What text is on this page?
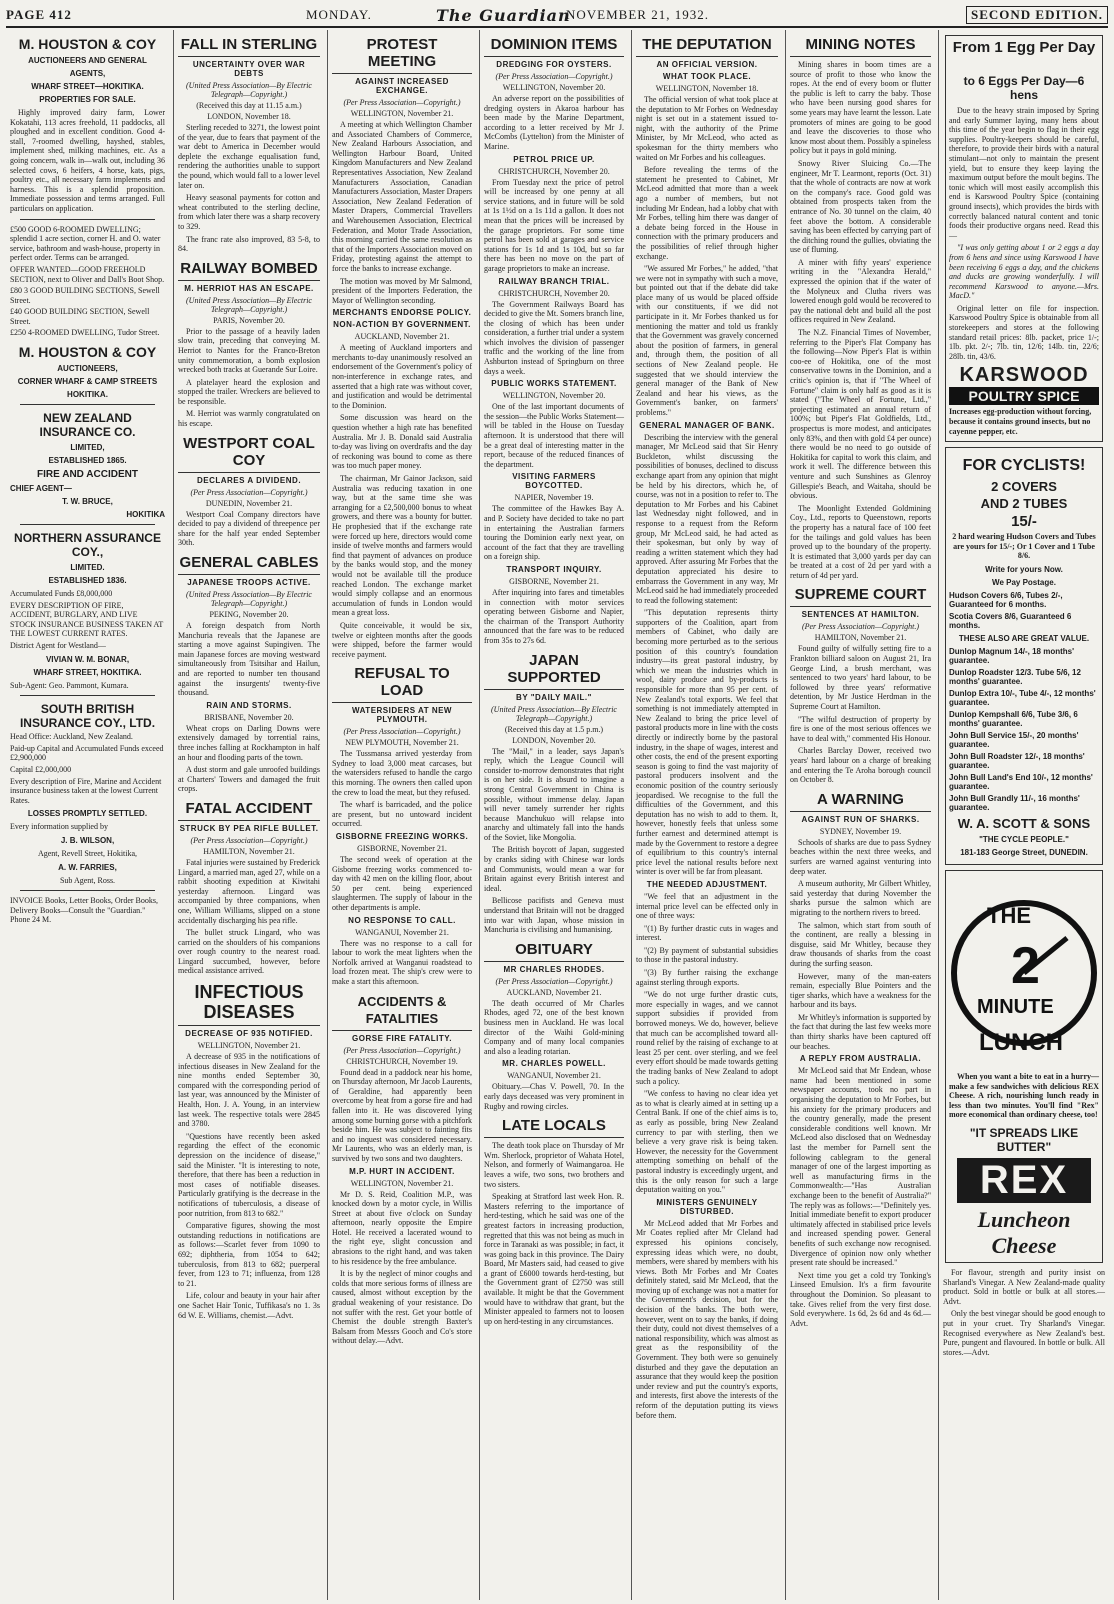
PAGE 412	MONDAY.	The Guardian
NOVEMBER 21, 1932.	SECOND EDITION.
M. HOUSTON & COY
AUCTIONEERS AND GENERAL
AGENTS,
WHARF STREET—HOKITIKA.
PROPERTIES FOR SALE.

Highly improved dairy farm, Lower Kokatahi, 113 acres freehold, 11 paddocks, all ploughed and in excellent condition. Good 4-stall, 7-roomed dwelling, hayshed, stables, implement shed, milking machines, etc. As a going concern, walk in—walk out, including 36 selected cows, 6 heifers, 4 horse, kats, pigs, poultry etc., all necessary farm implements and harness. This is a splendid proposition. Immediate possession and terms arranged. Full particulars on application.

£500 GOOD 6-ROOMED DWELLING; splendid 1 acre section, corner H. and O. water service, bathroom and wash-house, property in perfect order. Terms can be arranged.

OFFER WANTED—GOOD FREEHOLD SECTION, next to Oliver and Dall's Boot Shop.

£80 3 GOOD BUILDING SECTIONS, Sewell Street.

£40 GOOD BUILDING SECTION, Sewell Street.

£250 4-ROOMED DWELLING, Tudor Street.

M. HOUSTON & COY
AUCTIONEERS,
CORNER WHARF & CAMP STREETS
HOKITIKA.
NEW ZEALAND INSURANCE CO.
LIMITED,
ESTABLISHED 1865.
FIRE AND ACCIDENT
CHIEF AGENT—
T. W. BRUCE,
HOKITIKA
NORTHERN ASSURANCE COY.,
LIMITED.
ESTABLISHED 1836.
Accumulated Funds £8,000,000
EVERY DESCRIPTION OF FIRE, ACCIDENT, BURGLARY, AND LIVE STOCK INSURANCE BUSINESS TAKEN AT THE LOWEST CURRENT RATES.
District Agent for Westland—
VIVIAN W. M. BONAR,
WHARF STREET, HOKITIKA.
Sub-Agent: Geo. Pammont, Kumara.
SOUTH BRITISH INSURANCE COY., LTD.
Head Office: Auckland, New Zealand.
Paid-up Capital and Accumulated Funds exceed £2,900,000
Capital £2,000,000
Every description of Fire, Marine and Accident insurance business taken at the lowest Current Rates.
LOSSES PROMPTLY SETTLED.
Every information supplied by
J. B. WILSON,
Agent, Revell Street, Hokitika,
A. W. FARRIES,
Sub Agent, Ross.
INVOICE Books, Letter Books, Order Books, Delivery Books—Consult the "Guardian." Phone 24 M.
FALL IN STERLING
UNCERTAINTY OVER WAR DEBTS
(United Press Association—By Electric Telegraph—Copyright.)
(Received this day at 11.15 a.m.)
LONDON, November 18.

Sterling receded to 3271, the lowest point of the year, due to fears that payment of the war debt to America in December would deplete the exchange equalisation fund, rendering the authorities unable to support the pound, which would fall to a lower level later on.

Heavy seasonal payments for cotton and wheat contributed to the sterling decline, from which later there was a sharp recovery to 329.

The franc rate also improved, 83 5-8, to 84.

RAILWAY BOMBED
M. HERRIOT HAS AN ESCAPE.
(United Press Association—By Electric Telegraph—Copyright.)
PARIS, November 20.

Prior to the passage of a heavily laden slow train, preceding that conveying M. Herriot to Nantes for the Franco-Breton unity commemoration, a bomb explosion wrecked both tracks at Guerande Sur Loire.

A platelayer heard the explosion and stopped the trailer. Wreckers are believed to be responsible.

M. Herriot was warmly congratulated on his escape.

WESTPORT COAL COY
DECLARES A DIVIDEND.
(Per Press Association—Copyright.)
DUNEDIN, November 21.

Westport Coal Company directors have decided to pay a dividend of threepence per share for the half year ended September 30th.

GENERAL CABLES
JAPANESE TROOPS ACTIVE.
(United Press Association—By Electric Telegraph—Copyright.)
PEKING, November 20.

A foreign despatch from North Manchuria reveals that the Japanese are starting a move against Supingiven. The main Japanese forces are moving westward simultaneously from Tsitsihar and Hailun, and are reported to number ten thousand against the insurgents' twenty-five thousand.

RAIN AND STORMS.
BRISBANE, November 20.

Wheat crops on Darling Downs were extensively damaged by torrential rains, three inches falling at Rockhampton in half an hour and flooding parts of the town.

A dust storm and gale unroofed buildings at Charters' Towers and damaged the fruit crops.

FATAL ACCIDENT
STRUCK BY PEA RIFLE BULLET.
(Per Press Association—Copyright.)
HAMILTON, November 21.

Fatal injuries were sustained by Frederick Lingard, a married man, aged 27, while on a rabbit shooting expedition at Kiwitahi yesterday afternoon. Lingard was accompanied by three companions, when one, William Williams, slipped on a stone accidentally discharging his pea rifle.

The bullet struck Lingard, who was carried on the shoulders of his companions over rough country to the nearest road. Lingard succumbed, however, before medical assistance arrived.

INFECTIOUS DISEASES
DECREASE OF 935 NOTIFIED.
WELLINGTON, November 21.

A decrease of 935 in the notifications of infectious diseases in New Zealand for the nine months ended September 30, compared with the corresponding period of last year, was announced by the Minister of Health, Hon. J. A. Young, in an interview last week. The respective totals were 2845 and 3780.

"Questions have recently been asked regarding the effect of the economic depression on the incidence of disease," said the Minister. "It is interesting to note, therefore, that there has been a reduction in most cases of notifiable diseases. Particularly gratifying is the decrease in the notifications of tuberculosis, a disease of poor nutrition, from 813 to 682."

Comparative figures, showing the most outstanding reductions in notifications are as follows:—Scarlet fever from 1090 to 692; diphtheria, from 1054 to 642; tuberculosis, from 813 to 682; puerperal fever, from 123 to 71; influenza, from 128 to 21.

Life, colour and beauty in your hair after one Sachet Hair Tonic, Tuffikasa's no 1. 3s 6d W. E. Williams, chemist.—Advt.

PROTEST MEETING
AGAINST INCREASED EXCHANGE.
(Per Press Association—Copyright.)
WELLINGTON, November 21.

A meeting at which Wellington Chamber and Associated Chambers of Commerce, New Zealand Harbours Association, and Wellington Harbour Board, United Kingdom Manufacturers and New Zealand Representatives Association, New Zealand Manufacturers Association, Canadian Manufacturers Association, Master Drapers Association, New Zealand Federation of Master Drapers, Commercial Travellers and Warehousemen Association, Electrical Federation, and Motor Trade Association, this morning carried the same resolution as that of the Importers Association moved on Friday, protesting against the attempt to force the banks to increase exchange.

The motion was moved by Mr Salmond, president of the Importers Federation, the Mayor of Wellington seconding.

MERCHANTS ENDORSE POLICY.
NON-ACTION BY GOVERNMENT.
AUCKLAND, November 21.

A meeting of Auckland importers and merchants to-day unanimously resolved an endorsement of the Government's policy of non-interference in exchange rates, and asserted that a high rate was without cover, and justification and would be detrimental to the Dominion.

Some discussion was heard on the question whether a high rate has benefited Australia. Mr J. B. Donald said Australia to-day was living on overdrafts and the day of reckoning was bound to come as there was too much paper money.

The chairman, Mr Gainor Jackson, said Australia was reducing taxation in one way, but at the same time she was arranging for a £2,500,000 bonus to wheat growers, and there was a bounty for butter. He prophesied that if the exchange rate were forced up here, directors would come inside of twelve months and farmers would find that payment of advances on produce by the banks would stop, and the money would not be available till the produce reached London. The exchange market would simply collapse and an enormous accumulation of funds in London would mean a great loss.

Quite conceivable, it would be six, twelve or eighteen months after the goods were shipped, before the farmer would receive payment.

REFUSAL TO LOAD
WATERSIDERS AT NEW PLYMOUTH.
(Per Press Association—Copyright.)
NEW PLYMOUTH, November 21.

The Tussmansa arrived yesterday from Sydney to load 3,000 meat carcases, but the watersiders refused to handle the cargo this morning. The owners then called upon the crew to load the meat, but they refused.

The wharf is barricaded, and the police are present, but no untoward incident occurred.

GISBORNE FREEZING WORKS.
GISBORNE, November 21.

The second week of operation at the Gisborne freezing works commenced to-day with 42 men on the killing floor, about 50 per cent. being experienced slaughtermen. The supply of labour in the other departments is ample.

NO RESPONSE TO CALL.
WANGANUI, November 21.

There was no response to a call for labour to work the meat lighters when the Norfolk arrived at Wanganui roadstead to load frozen meat. The ship's crew were to make a start this afternoon.

ACCIDENTS & FATALITIES
GORSE FIRE FATALITY.
(Per Press Association—Copyright.)
CHRISTCHURCH, November 19.

Found dead in a paddock near his home, on Thursday afternoon, Mr Jacob Laurents, of Geraldine, had apparently been overcome by heat from a gorse fire and had fallen into it. He was discovered lying among some burning gorse with a pitchfork beside him. He was subject to fainting fits and no inquest was considered necessary. Mr Laurents, who was an elderly man, is survived by two sons and two daughters.

M.P. HURT IN ACCIDENT.
WELLINGTON, November 21.

Mr D. S. Reid, Coalition M.P., was knocked down by a motor cycle, in Willis Street at about five o'clock on Sunday afternoon, nearly opposite the Empire Hotel. He received a lacerated wound to the right eye, slight concussion and abrasions to the right hand, and was taken to his residence by the free ambulance.

It is by the neglect of minor coughs and colds that more serious forms of illness are caused, almost without exception by the gradual weakening of your resistance. Do not suffer with the rest. Get your bottle of Chemist the double strength Baxter's Balsam from Messrs Gooch and Co's store without delay.—Advt.

DOMINION ITEMS
DREDGING FOR OYSTERS.
(Per Press Association—Copyright.)
WELLINGTON, November 20.

An adverse report on the possibilities of dredging oysters in Akaroa harbour has been made by the Marine Department, according to a letter received by Mr J. McCombs (Lyttelton) from the Minister of Marine.

PETROL PRICE UP.
CHRISTCHURCH, November 20.

From Tuesday next the price of petrol will be increased by one penny at all service stations, and in future will be sold at 1s 1½d on a 1s 11d a gallon. It does not mean that the prices will be increased by the garage proprietors. For some time petrol has been sold at garages and service stations for 1s 1d and 1s 10d, but so far there has been no move on the part of garage proprietors to make an increase.

RAILWAY BRANCH TRIAL.
CHRISTCHURCH, November 20.

The Government Railways Board has decided to give the Mt. Somers branch line, the closing of which has been under consideration, a further trial under a system which involves the division of passenger traffic and the working of the line from Ashburton instead of Springburn on three days a week.

PUBLIC WORKS STATEMENT.
WELLINGTON, November 20.

One of the last important documents of the session—the Public Works Statement—will be tabled in the House on Tuesday afternoon. It is understood that there will be a great deal of interesting matter in the report, because of the reduced finances of the department.

VISITING FARMERS BOYCOTTED.
NAPIER, November 19.

The committee of the Hawkes Bay A. and P. Society have decided to take no part in entertaining the Australian farmers touring the Dominion early next year, on account of the fact that they are travelling on a foreign ship.

TRANSPORT INQUIRY.
GISBORNE, November 21.

After inquiring into fares and timetables in connection with motor services operating between Gisborne and Napier, the chairman of the Transport Authority announced that the fare was to be reduced from 35s to 27s 6d.

JAPAN SUPPORTED
BY "DAILY MAIL."
(United Press Association—By Electric Telegraph—Copyright.)
(Received this day at 1.5 p.m.)
LONDON, November 20.

The "Mail," in a leader, says Japan's reply, which the League Council will consider to-morrow demonstrates that right is on her side. It is absurd to imagine a strong Central Government in China is possible, without immense delay. Japan will never tamely surrender her rights because Manchukuo will relapse into anarchy and ultimately fall into the hands of the Soviet, like Mongolia.

The British boycott of Japan, suggested by cranks siding with Chinese war lords and Communists, would mean a war for Britain against every British interest and ideal.

Bellicose pacifists and Geneva must understand that Britain will not be dragged into war with Japan, whose mission in Manchuria is civilising and humanising.

OBITUARY
MR CHARLES RHODES.
(Per Press Association—Copyright.)
AUCKLAND, November 21.

The death occurred of Mr Charles Rhodes, aged 72, one of the best known business men in Auckland. He was local director of the Waihi Gold-mining Company and of many local companies and also a leading rotarian.

MR. CHARLES POWELL.
WANGANUI, November 21.

Obituary.—Chas V. Powell, 70. In the early days deceased was very prominent in Rugby and rowing circles.

LATE LOCALS

The death took place on Thursday of Mr Wm. Sherlock, proprietor of Wahata Hotel, Nelson, and formerly of Waimangaroa. He leaves a wife, two sons, two brothers and two sisters.

Speaking at Stratford last week Hon. R. Masters referring to the importance of herd-testing, which he said was one of the greatest factors in increasing production, regretted that this was not being as much in force in Taranaki as was possible; in fact, it was going back in this province. The Dairy Board, Mr Masters said, had ceased to give a grant of £6000 towards herd-testing, but the Government grant of £2750 was still available. It might be that the Government would have to withdraw that grant, but the Minister appealed to farmers not to loosen up on herd-testing in any circumstances.

THE DEPUTATION
AN OFFICIAL VERSION.
WHAT TOOK PLACE.
WELLINGTON, November 18.

The official version of what took place at the deputation to Mr Forbes on Wednesday night is set out in a statement issued to-night, with the authority of the Prime Minister, by Mr McLeod, who acted as spokesman for the thirty members who waited on Mr Forbes and his colleagues.

Before revealing the terms of the statement he presented to Cabinet, Mr McLeod admitted that more than a week ago a number of members, but not including Mr Endean, had a lobby chat with Mr Forbes, telling him there was danger of a debate being forced in the House in connection with the primary producers and the possibilities of relief through higher exchange.

"We assured Mr Forbes," he added, "that we were not in sympathy with such a move, but pointed out that if the debate did take place many of us would be placed offside with our constituents, if we did not participate in it. Mr Forbes thanked us for mentioning the matter and told us frankly that the Government was gravely concerned about the position of farmers, in general and, through them, the position of all sections of New Zealand people. He suggested that we should interview the general manager of the Bank of New Zealand and hear his views, as the Government's banker, on farmers' problems."

GENERAL MANAGER OF BANK.

Describing the interview with the general manager, Mr McLeod said that Sir Henry Buckleton, whilst discussing the possibilities of bonuses, declined to discuss exchange apart from any opinion that might be held by his directors, which he, of course, was not in a position to refer to. The deputation to Mr Forbes and his Cabinet last Wednesday night followed, and in response to a request from the Reform group, Mr McLeod said, he had acted as their spokesman, but only by way of reading a written statement which they had approved. After assuring Mr Forbes that the deputation appreciated his desire to embarrass the Government in any way, Mr McLeod said he had immediately proceeded to read the following statement:

"This deputation represents thirty supporters of the Coalition, apart from members of Cabinet, who daily are becoming more perturbed as to the serious position of this country's foundation industry—its great pastoral industry, by which we mean the industries which in wool, dairy produce and by-products is responsible for more than 95 per cent. of New Zealand's total exports. We feel that something is not immediately attempted in New Zealand to bring the price level of pastoral products more in line with the costs directly or indirectly borne by the pastoral industry, in the shape of wages, interest and other costs, the end of the present exporting season is going to find the vast majority of pastoral producers insolvent and the economic position of the country seriously jeopardised. We recognise to the full the difficulties of the Government, and this deputation has no wish to add to them. It, however, honestly feels that unless some further earnest and determined attempt is made by the Government to restore a degree of equilibrium to this country's internal price level the national results before next winter is over will be far from pleasant.

THE NEEDED ADJUSTMENT.

"We feel that an adjustment in the internal price level can be effected only in one of three ways:

"(1) By further drastic cuts in wages and interest.

"(2) By payment of substantial subsidies to those in the pastoral industry.

"(3) By further raising the exchange against sterling through exports.

"We do not urge further drastic cuts, more especially in wages, and we cannot support subsidies if provided from borrowed moneys. We do, however, believe that much can be accomplished toward all-round relief by the raising of exchange to at least 25 per cent. over sterling, and we feel every effort should be made towards getting the trading banks of New Zealand to adopt such a policy.

"We confess to having no clear idea yet as to what is clearly aimed at in setting up a Central Bank. If one of the chief aims is to, as early as possible, bring New Zealand currency to par with sterling, then we believe a very grave risk is being taken. However, the necessity for the Government attempting something on behalf of the pastoral industry is exceedingly urgent, and this is the only reason for such a large deputation waiting on you."

MINISTERS GENUINELY DISTURBED.

Mr McLeod added that Mr Forbes and Mr Coates replied after Mr Cleland had expressed his opinions concisely, expressing ideas which were, no doubt, members, were shared by members with his views. Both Mr Forbes and Mr Coates definitely stated, said Mr McLeod, that the moving up of exchange was not a matter for the Government's decision, but for the decision of the banks. The both were, however, went on to say the banks, if doing their duty, could not divest themselves of a national responsibility, which was almost as great as the responsibility of the Government. They both were so genuinely disturbed and they gave the deputation an assurance that they would keep the position under review and put the country's exports, and interests, first above the interests of the reform of the deputation putting its views before them.

MINING NOTES

Mining shares in boom times are a source of profit to those who know the ropes. At the end of every boom or flutter the public is left to carry the baby. Those who have been nursing good shares for some years may have learnt the lesson. Late promoters of mines are going to be good and leave the discoveries to those who know most about them. Possibly a spineless policy but it pays in gold mining.

Snowy River Sluicing Co.—The engineer, Mr T. Learmont, reports (Oct. 31) that the whole of contracts are now at work on the company's race. Good gold was obtained from prospects taken from the entrance of No. 30 tunnel on the claim, 40 feet above the bottom. A considerable saving has been effected by carrying part of the ditching round the gullies, obviating the use of fluming.

A miner with fifty years' experience writing in the "Alexandra Herald," expressed the opinion that if the water of the Molyneux and Clutha rivers was lowered enough gold would be recovered to pay the national debt and build all the post offices required in New Zealand.

The N.Z. Financial Times of November, referring to the Piper's Flat Company has the following—Now Piper's Flat is within coo-ee of Hokitika, one of the most conservative towns in the Dominion, and a critic's opinion is, that if "The Wheel of Fortune" claim is only half as good as it is stated ("The Wheel of Fortune, Ltd.," projecting estimated an annual return of 100%; but Piper's Flat Goldfields, Ltd., prospectus is more modest, and anticipates only 83%, and then with gold £4 per ounce) there would be no need to go outside of Hokitika for capital to work this claim, and work it well. The difference between this venture and such Sunshines as Glenroy Gillespie's Beach, and Waitaha, should be obvious.

The Moonlight Extended Goldmining Coy., Ltd., reports to Queenstown, reports the property has a natural face of 100 feet for the tailings and gold values has been proved up to the boundary of the property. It is estimated that 3,000 yards per day can be treated at a cost of 2d per yard with a return of 4d per yard.

SUPREME COURT
SENTENCES AT HAMILTON.
(Per Press Association—Copyright.)
HAMILTON, November 21.

Found guilty of wilfully setting fire to a Frankton billiard saloon on August 21, Ira George Lind, a brush merchant, was sentenced to two years' hard labour, to be followed by three years' reformative detention, by Mr Justice Herdman in the Supreme Court at Hamilton.

"The wilful destruction of property by fire is one of the most serious offences we have to deal with," commented His Honour.

Charles Barclay Dower, received two years' hard labour on a charge of breaking and entering the Te Aroha borough council on October 8.

A WARNING
AGAINST RUN OF SHARKS.
SYDNEY, November 19.

Schools of sharks are due to pass Sydney beaches within the next three weeks, and surfers are warned against venturing into deep water.

A museum authority, Mr Gilbert Whitley, said yesterday that during November the sharks pursue the salmon which are migrating to the northern rivers to breed.

The salmon, which start from south of the continent, are really a blessing in disguise, said Mr Whitley, because they draw thousands of sharks from the coast during the surfing season.

However, many of the man-eaters remain, especially Blue Pointers and the tiger sharks, which have a weakness for the harbour and its bays.

Mr Whitley's information is supported by the fact that during the last few weeks more than thirty sharks have been captured off our beaches.

A REPLY FROM AUSTRALIA.

Mr McLeod said that Mr Endean, whose name had been mentioned in some newspaper accounts, took no part in organising the deputation to Mr Forbes, but his anxiety for the primary producers and the country generally, made the present considerable conditions well known. Mr McLeod also disclosed that on Wednesday last the member for Parnell sent the following cablegram to the general manager of one of the largest importing as well as manufacturing firms in the Commonwealth:—"Has Australian exchange been to the benefit of Australia?" The reply was as follows:—"Definitely yes. Initial immediate benefit to export producer ultimately affected in stabilised price levels and increased spending power. General benefits of such exchange now recognised. Divergence of opinion now only whether present rate should be increased."

Next time you get a cold try Tonking's Linseed Emulsion. It's a firm favourite throughout the Dominion. So pleasant to take. Gives relief from the very first dose. Sold everywhere. 1s 6d, 2s 6d and 4s 6d.—Advt.

From 1 Egg Per Day
to 6 Eggs Per Day—6 hens

Due to the heavy strain imposed by Spring and early Summer laying, many hens about this time of the year begin to flag in their egg supplies. Poultry-keepers should be careful, therefore, to provide their birds with a natural stimulant—not only to maintain the present yield, but to ensure they keep laying the maximum output before the moult begins. The tonic which will most easily accomplish this end is Karswood Poultry Spice (containing ground insects), which provides the birds with correctly balanced natural content and tonic foods their productive organs need. Read this—

"I was only getting about 1 or 2 eggs a day from 6 hens and since using Karswood I have been receiving 6 eggs a day, and the chickens and ducks are growing wonderfully. I will recommend Karswood to anyone.—Mrs. MacD."

Original letter on file for inspection. Karswood Poultry Spice is obtainable from all storekeepers and stores at the following standard retail prices: 8lb. packet, price 1/-; 1lb. pkt. 2/-; 7lb. tin, 12/6; 14lb. tin, 22/6; 28lb. tin, 43/6.

KARSWOOD
POULTRY SPICE
Increases egg-production without forcing, because it contains ground insects, but no cayenne pepper, etc.
FOR CYCLISTS!
2 COVERS
AND 2 TUBES
15/-
2 hard wearing Hudson Covers and Tubes are yours for 15/-; Or 1 Cover and 1 Tube 8/6.
Write for yours Now.
We Pay Postage.
Hudson Covers 6/6, Tubes 2/-, Guaranteed for 6 months.
Scotia Covers 8/6, Guaranteed 6 months.
THESE ALSO ARE GREAT VALUE.
Dunlop Magnum 14/-, 18 months' guarantee.
Dunlop Roadster 12/3. Tube 5/6, 12 months' guarantee.
Dunlop Extra 10/-, Tube 4/-, 12 months' guarantee.
Dunlop Kempshall 6/6, Tube 3/6, 6 months' guarantee.
John Bull Service 15/-, 20 months' guarantee.
John Bull Roadster 12/-, 18 months' guarantee.
John Bull Land's End 10/-, 12 months' guarantee.
John Bull Grandly 11/-, 16 months' guarantee.
W. A. SCOTT & SONS
"THE CYCLE PEOPLE."
181-183 George Street, DUNEDIN.
THE
2
MINUTE
LUNCH

When you want a bite to eat in a hurry—make a few sandwiches with delicious REX Cheese. A rich, nourishing lunch ready in less than two minutes. You'll find "Rex" more economical than ordinary cheese, too!

"IT SPREADS LIKE BUTTER"
REX
Luncheon Cheese

For flavour, strength and purity insist on Sharland's Vinegar. A New Zealand-made quality product. Sold in bottle or bulk at all stores.—Advt.

Only the best vinegar should be good enough to put in your cruet. Try Sharland's Vinegar. Recognised everywhere as New Zealand's best. Pure, pungent and flavoured. In bottle or bulk. All stores.—Advt.
